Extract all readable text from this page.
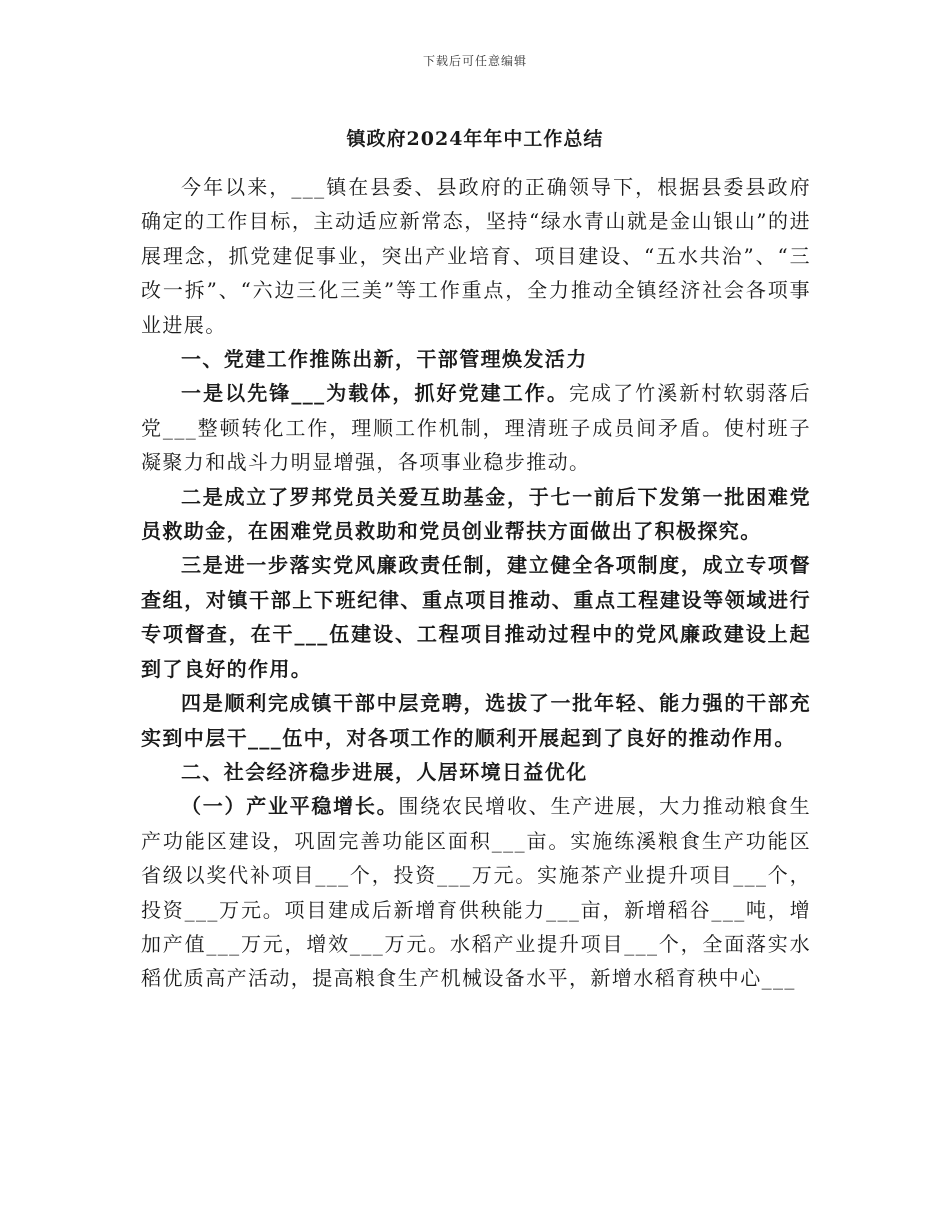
下载后可任意编辑
镇政府2024年年中工作总结

今年以来，___镇在县委、县政府的正确领导下，根据县委县政府确定的工作目标，主动适应新常态，坚持“绿水青山就是金山银山”的进展理念，抓党建促事业，突出产业培育、项目建设、“五水共治”、“三改一拆”、“六边三化三美”等工作重点，全力推动全镇经济社会各项事业进展。

一、党建工作推陈出新，干部管理焕发活力

一是以先锋___为载体，抓好党建工作。完成了竹溪新村软弱落后党___整顿转化工作，理顺工作机制，理清班子成员间矛盾。使村班子凝聚力和战斗力明显增强，各项事业稳步推动。

二是成立了罗邦党员关爱互助基金，于七一前后下发第一批困难党员救助金，在困难党员救助和党员创业帮扶方面做出了积极探究。

三是进一步落实党风廉政责任制，建立健全各项制度，成立专项督查组，对镇干部上下班纪律、重点项目推动、重点工程建设等领域进行专项督查，在干___伍建设、工程项目推动过程中的党风廉政建设上起到了良好的作用。

四是顺利完成镇干部中层竞聘，选拔了一批年轻、能力强的干部充实到中层干___伍中，对各项工作的顺利开展起到了良好的推动作用。

二、社会经济稳步进展，人居环境日益优化

（一）产业平稳增长。围绕农民增收、生产进展，大力推动粮食生产功能区建设，巩固完善功能区面积___亩。实施练溪粮食生产功能区省级以奖代补项目___个，投资___万元。实施茶产业提升项目___个，投资___万元。项目建成后新增育供秧能力___亩，新增稻谷___吨，增加产值___万元，增效___万元。水稻产业提升项目___个，全面落实水稻优质高产活动，提高粮食生产机械设备水平，新增水稻育秧中心___
